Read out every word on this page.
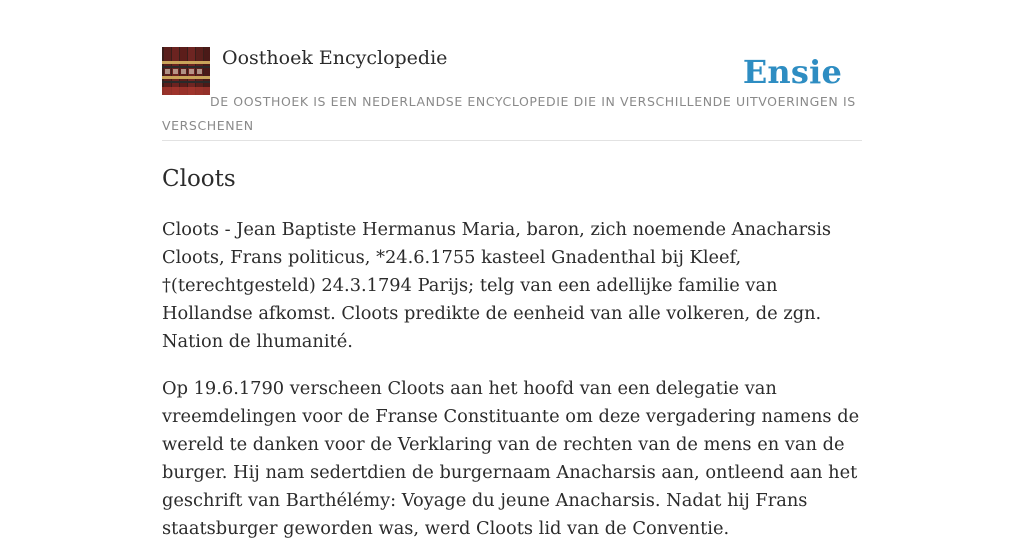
Oosthoek Encyclopedie	Ensie
DE OOSTHOEK IS EEN NEDERLANDSE ENCYCLOPEDIE DIE IN VERSCHILLENDE UITVOERINGEN IS VERSCHENEN
Cloots

Cloots - Jean Baptiste Hermanus Maria, baron, zich noemende Anacharsis Cloots, Frans politicus, *24.6.1755 kasteel Gnadenthal bij Kleef, †(terechtgesteld) 24.3.1794 Parijs; telg van een adellijke familie van Hollandse afkomst. Cloots predikte de eenheid van alle volkeren, de zgn. Nation de lhumanité.

Op 19.6.1790 verscheen Cloots aan het hoofd van een delegatie van vreemdelingen voor de Franse Constituante om deze vergadering namens de wereld te danken voor de Verklaring van de rechten van de mens en van de burger. Hij nam sedertdien de burgernaam Anacharsis aan, ontleend aan het geschrift van Barthélémy: Voyage du jeune Anacharsis. Nadat hij Frans staatsburger geworden was, werd Cloots lid van de Conventie.
